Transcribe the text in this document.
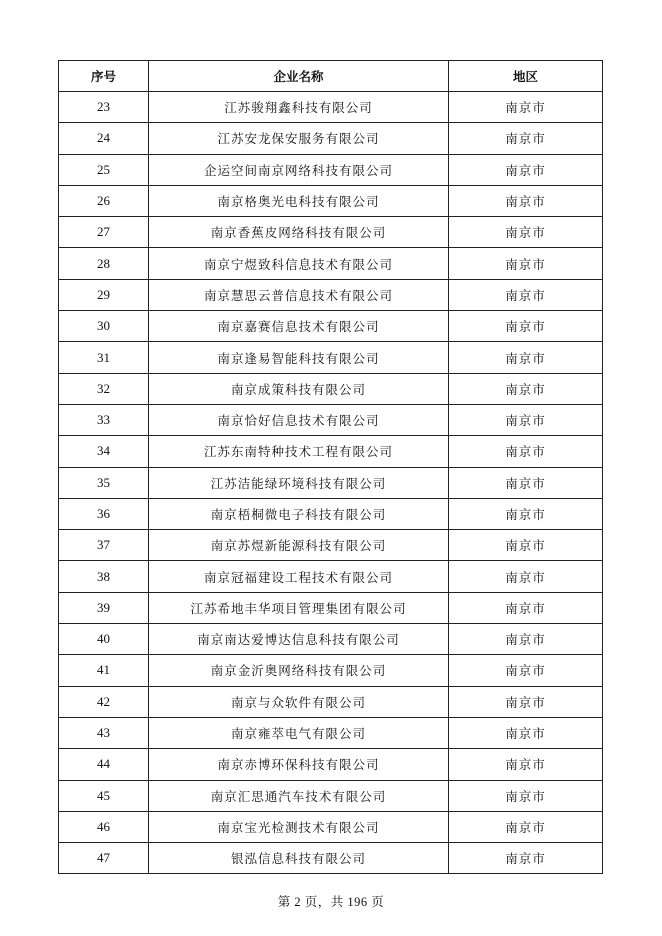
序号	企业名称	地区
23	江苏骏翔鑫科技有限公司	南京市
24	江苏安龙保安服务有限公司	南京市
25	企运空间南京网络科技有限公司	南京市
26	南京格奥光电科技有限公司	南京市
27	南京香蕉皮网络科技有限公司	南京市
28	南京宁煜致科信息技术有限公司	南京市
29	南京慧思云普信息技术有限公司	南京市
30	南京嘉赛信息技术有限公司	南京市
31	南京逢易智能科技有限公司	南京市
32	南京成策科技有限公司	南京市
33	南京恰好信息技术有限公司	南京市
34	江苏东南特种技术工程有限公司	南京市
35	江苏洁能绿环境科技有限公司	南京市
36	南京梧桐微电子科技有限公司	南京市
37	南京苏煜新能源科技有限公司	南京市
38	南京冠福建设工程技术有限公司	南京市
39	江苏希地丰华项目管理集团有限公司	南京市
40	南京南达爱博达信息科技有限公司	南京市
41	南京金沂奥网络科技有限公司	南京市
42	南京与众软件有限公司	南京市
43	南京雍萃电气有限公司	南京市
44	南京赤博环保科技有限公司	南京市
45	南京汇思通汽车技术有限公司	南京市
46	南京宝光检测技术有限公司	南京市
47	银泓信息科技有限公司	南京市
第 2 页，共 196 页
